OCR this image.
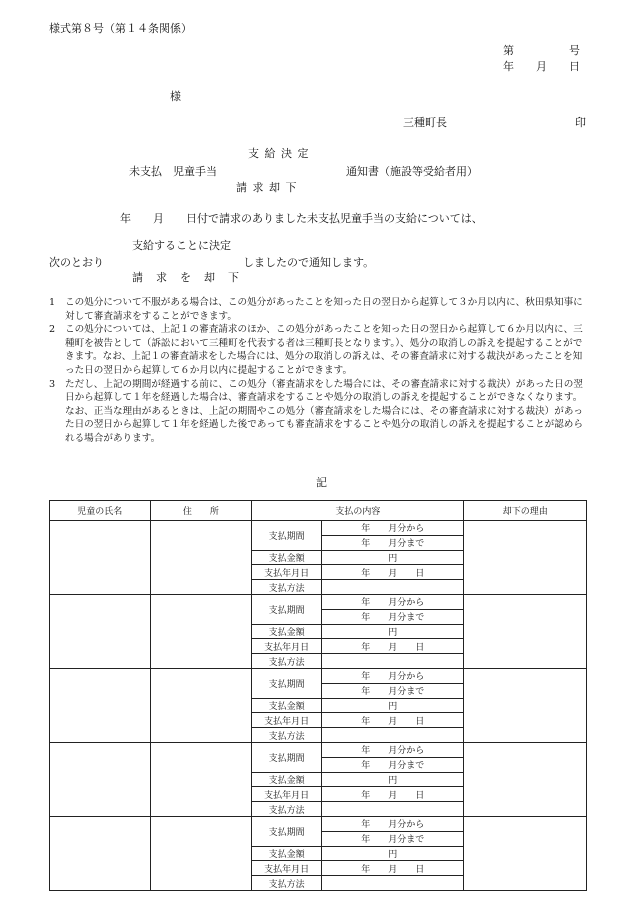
様式第８号（第１４条関係）
第　　　　　号
年　　月　　日
様
三種町長	印
支 給 決 定
未支払　児童手当	通知書（施設等受給者用）
請 求 却 下
年　　月　　日付で請求のありました未支払児童手当の支給については、
支給することに決定
次のとおり	しましたので通知します。
請　求　を　却　下
1	この処分について不服がある場合は、この処分があったことを知った日の翌日から起算して３か月以内に、秋田県知事に対して審査請求をすることができます。
2	この処分については、上記１の審査請求のほか、この処分があったことを知った日の翌日から起算して６か月以内に、三種町を被告として（訴訟において三種町を代表する者は三種町長となります。）、処分の取消しの訴えを提起することができます。なお、上記１の審査請求をした場合には、処分の取消しの訴えは、その審査請求に対する裁決があったことを知った日の翌日から起算して６か月以内に提起することができます。
3	ただし、上記の期間が経過する前に、この処分（審査請求をした場合には、その審査請求に対する裁決）があった日の翌日から起算して１年を経過した場合は、審査請求をすることや処分の取消しの訴えを提起することができなくなります。なお、正当な理由があるときは、上記の期間やこの処分（審査請求をした場合には、その審査請求に対する裁決）があった日の翌日から起算して１年を経過した後であっても審査請求をすることや処分の取消しの訴えを提起することが認められる場合があります。
記
児童の氏名	住　　所	支払の内容		却下の理由
		支払期間	年　　月分から	
			年　　月分まで	
		支払金額	円	
		支払年月日	年　　月　　日	
		支払方法		
		支払期間	年　　月分から	
			年　　月分まで	
		支払金額	円	
		支払年月日	年　　月　　日	
		支払方法		
		支払期間	年　　月分から	
			年　　月分まで	
		支払金額	円	
		支払年月日	年　　月　　日	
		支払方法		
		支払期間	年　　月分から	
			年　　月分まで	
		支払金額	円	
		支払年月日	年　　月　　日	
		支払方法		
		支払期間	年　　月分から	
			年　　月分まで	
		支払金額	円	
		支払年月日	年　　月　　日	
		支払方法		
